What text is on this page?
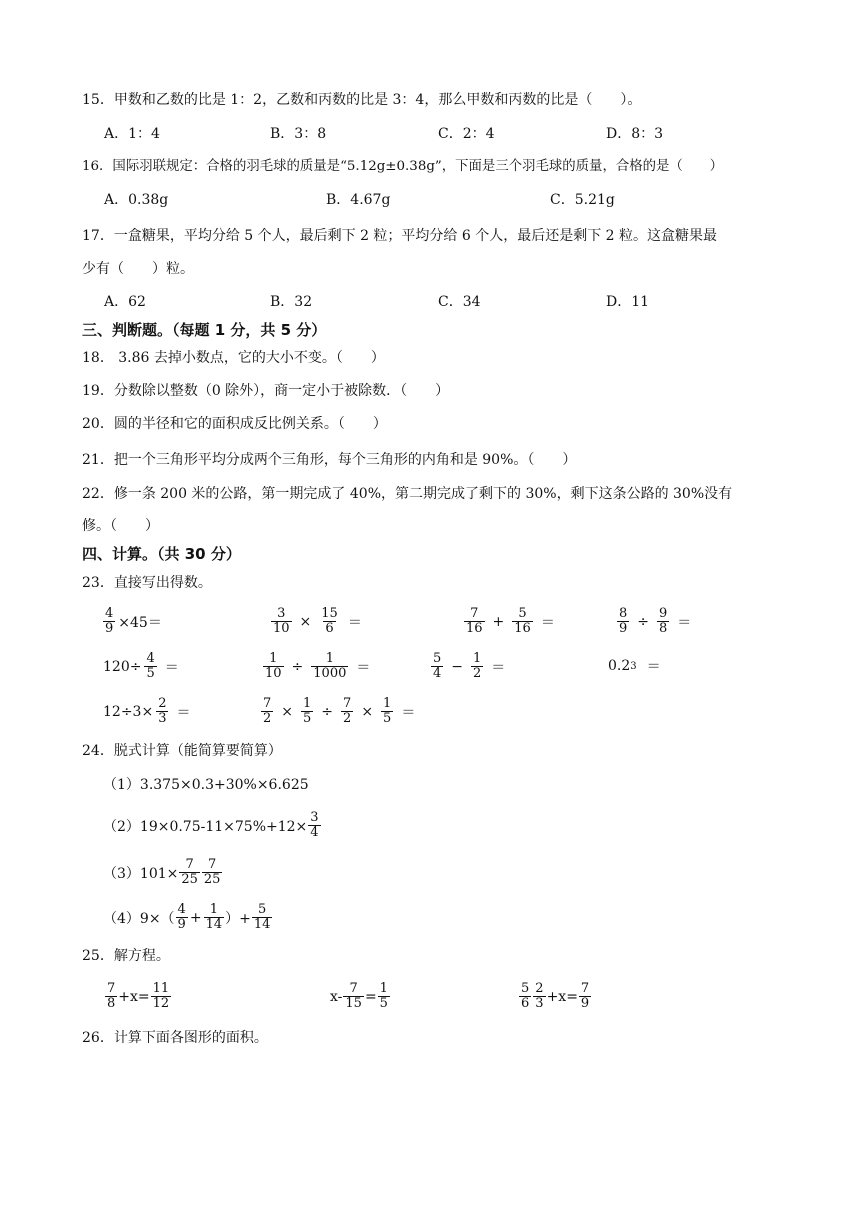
15．甲数和乙数的比是 1：2，乙数和丙数的比是 3：4，那么甲数和丙数的比是（　　）。
A．1：4	B．3：8	C．2：4	D．8：3
16．国际羽联规定：合格的羽毛球的质量是“5.12g±0.38g”，下面是三个羽毛球的质量，合格的是（　　）
A．0.38g	B．4.67g	C．5.21g
17．一盒糖果，平均分给 5 个人，最后剩下 2 粒；平均分给 6 个人，最后还是剩下 2 粒。这盒糖果最
少有（　　）粒。
A．62	B．32	C．34	D．11
三、判断题。（每题 1 分，共 5 分）
18． 3.86 去掉小数点，它的大小不变。（　　）
19．分数除以整数（0 除外），商一定小于被除数．（　　）
20．圆的半径和它的面积成反比例关系。（　　）
21．把一个三角形平均分成两个三角形，每个三角形的内角和是 90%。（　　）
22．修一条 200 米的公路，第一期完成了 40%，第二期完成了剩下的 30%，剩下这条公路的 30%没有
修。（　　）
四、计算。（共 30 分）
23．直接写出得数。
$\frac{4}{9} \times 45=$	$\frac{3}{10} \times \frac{15}{6}$ ＝	$\frac{7}{16} + \frac{5}{16}$ ＝	$\frac{8}{9} \div \frac{9}{8}$ ＝
$120\div \frac{4}{5}$ ＝	$\frac{1}{10} \div \frac{1}{1000}$ ＝	$\frac{5}{4} - \frac{1}{2}$ ＝	0.2 3 ＝
$12\div 3\times \frac{2}{3}$ ＝	$\frac{7}{2} \times \frac{1}{5} \div \frac{7}{2} \times \frac{1}{5}$ ＝
24．脱式计算（能简算要简算）
（1）3.375×0.3+30%×6.625
$(2)19\times 0.75-11\times 75\%+12\times \frac{3}{4}$
$(3)101\times \frac{7}{25} \frac{7}{25}$
$(4)9\times( \frac{4}{9} + \frac{1}{14}$ ）+ $\frac{5}{14}$
25．解方程。
$\frac{7}{8} +x= \frac{11}{12}$	$x- \frac{7}{15} = \frac{1}{5}$	$\frac{5}{6} \frac{2}{3} +x= \frac{7}{9}$
26．计算下面各图形的面积。
